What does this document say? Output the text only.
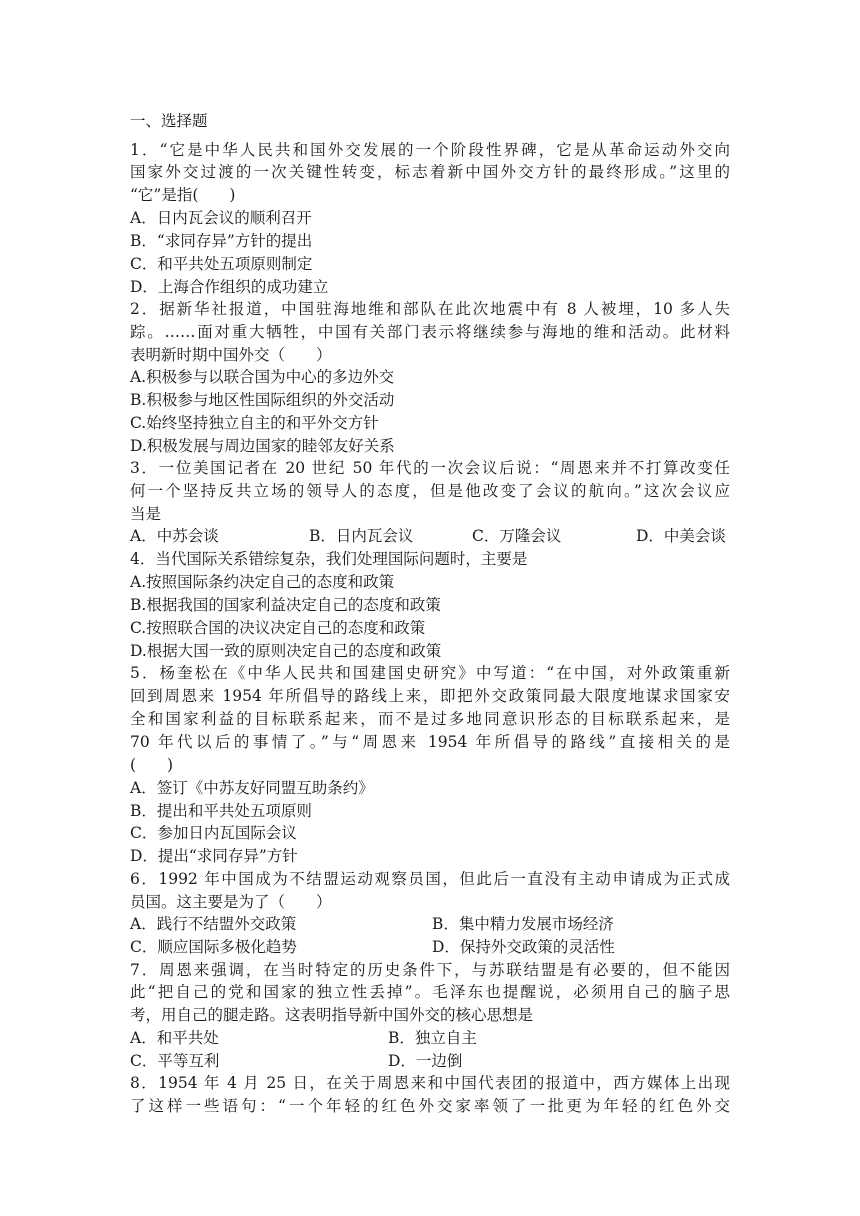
一、选择题
1．“它是中华人民共和国外交发展的一个阶段性界碑，它是从革命运动外交向
国家外交过渡的一次关键性转变，标志着新中国外交方针的最终形成。”这里的
“它”是指(　　)
A．日内瓦会议的顺利召开
B．“求同存异”方针的提出
C．和平共处五项原则制定
D．上海合作组织的成功建立
2．据新华社报道，中国驻海地维和部队在此次地震中有 8 人被埋，10 多人失
踪。……面对重大牺牲，中国有关部门表示将继续参与海地的维和活动。此材料
表明新时期中国外交（　　）
A.积极参与以联合国为中心的多边外交
B.积极参与地区性国际组织的外交活动
C.始终坚持独立自主的和平外交方针
D.积极发展与周边国家的睦邻友好关系
3．一位美国记者在 20 世纪 50 年代的一次会议后说：“周恩来并不打算改变任
何一个坚持反共立场的领导人的态度，但是他改变了会议的航向。”这次会议应
当是
A．中苏会谈	B．日内瓦会议	C．万隆会议	D．中美会谈
4．当代国际关系错综复杂，我们处理国际问题时，主要是
A.按照国际条约决定自己的态度和政策
B.根据我国的国家利益决定自己的态度和政策
C.按照联合国的决议决定自己的态度和政策
D.根据大国一致的原则决定自己的态度和政策
5．杨奎松在《中华人民共和国建国史研究》中写道：“在中国，对外政策重新
回到周恩来 1954 年所倡导的路线上来，即把外交政策同最大限度地谋求国家安
全和国家利益的目标联系起来，而不是过多地同意识形态的目标联系起来，是
70 年代以后的事情了。”与“周恩来 1954 年所倡导的路线”直接相关的是
(　　)
A．签订《中苏友好同盟互助条约》
B．提出和平共处五项原则
C．参加日内瓦国际会议
D．提出“求同存异”方针
6．1992 年中国成为不结盟运动观察员国，但此后一直没有主动申请成为正式成
员国。这主要是为了（　　）
A．践行不结盟外交政策	B．集中精力发展市场经济
C．顺应国际多极化趋势	D．保持外交政策的灵活性
7．周恩来强调，在当时特定的历史条件下，与苏联结盟是有必要的，但不能因
此“把自己的党和国家的独立性丢掉”。毛泽东也提醒说，必须用自己的脑子思
考，用自己的腿走路。这表明指导新中国外交的核心思想是
A．和平共处	B．独立自主
C．平等互利	D．一边倒
8．1954 年 4 月 25 日，在关于周恩来和中国代表团的报道中，西方媒体上出现
了这样一些语句：“一个年轻的红色外交家率领了一批更为年轻的红色外交
